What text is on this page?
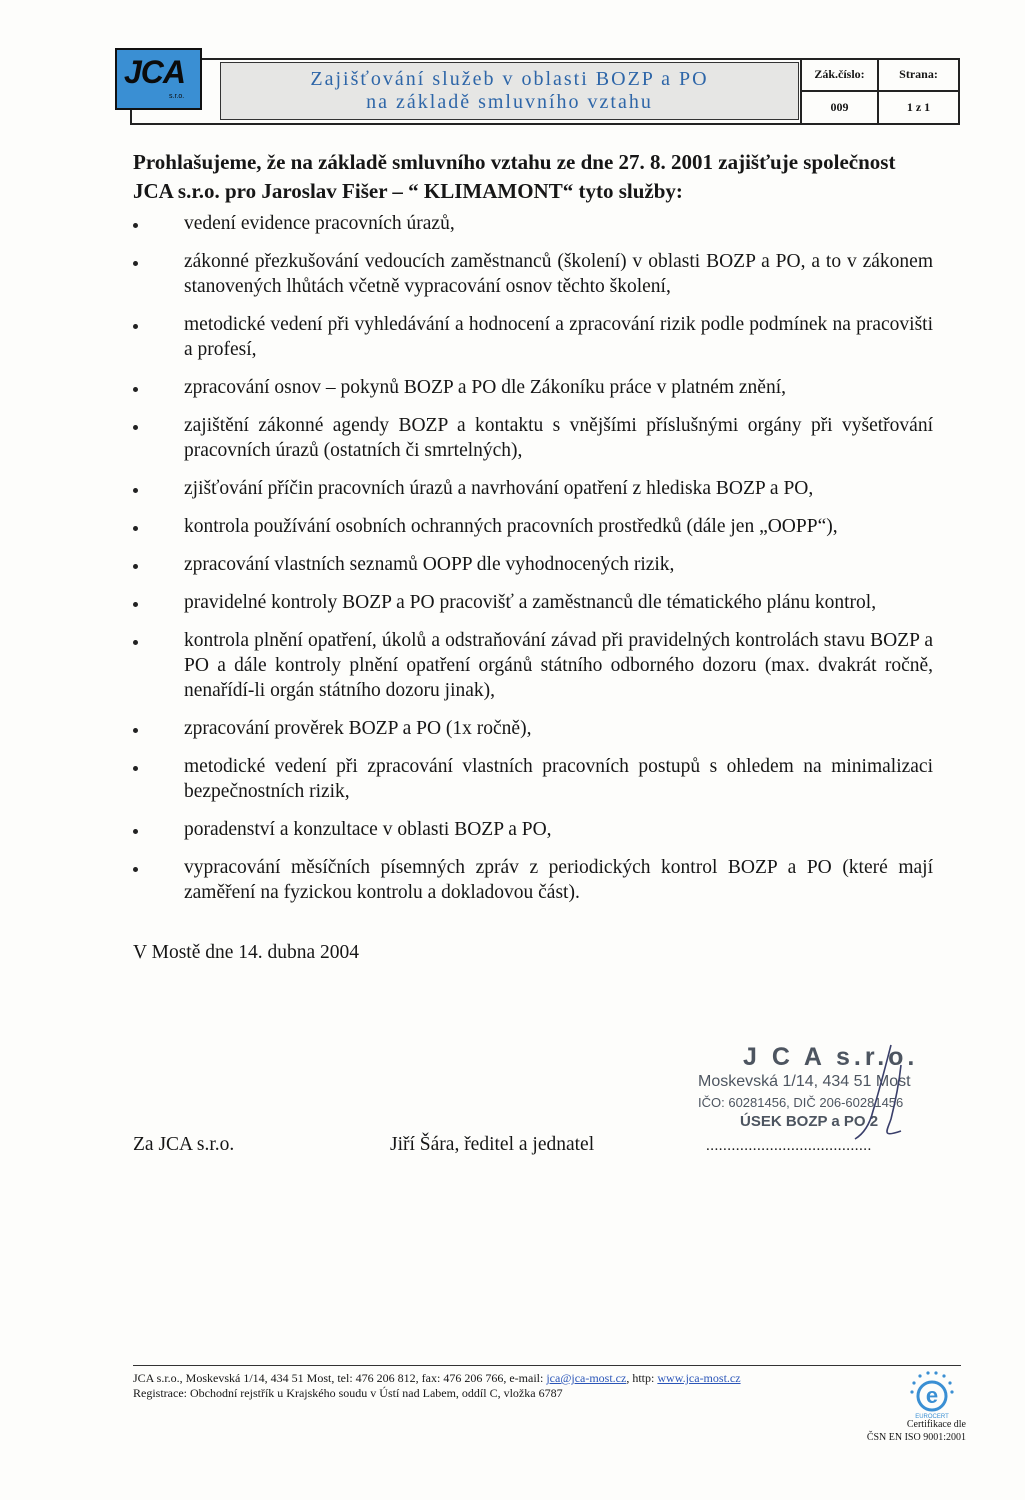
JCA
s.r.o.
Zajišťování služeb v oblasti BOZP a PO
na základě smluvního vztahu
Zák.číslo:	Strana:
009	1 z 1
Prohlašujeme, že na základě smluvního vztahu ze dne 27. 8. 2001 zajišťuje společnost JCA s.r.o. pro Jaroslav Fišer – “ KLIMAMONT“ tyto služby:
vedení evidence pracovních úrazů,
zákonné přezkušování vedoucích zaměstnanců (školení) v oblasti BOZP a PO, a to v zákonem stanovených lhůtách včetně vypracování osnov těchto školení,
metodické vedení při vyhledávání a hodnocení a zpracování rizik podle podmínek na pracovišti a profesí,
zpracování osnov – pokynů BOZP a PO dle Zákoníku práce v platném znění,
zajištění zákonné agendy BOZP a kontaktu s vnějšími příslušnými orgány při vyšetřování pracovních úrazů (ostatních či smrtelných),
zjišťování příčin pracovních úrazů a navrhování opatření z hlediska BOZP a PO,
kontrola používání osobních ochranných pracovních prostředků (dále jen „OOPP“),
zpracování vlastních seznamů OOPP dle vyhodnocených rizik,
pravidelné kontroly BOZP a PO pracovišť a zaměstnanců dle tématického plánu kontrol,
kontrola plnění opatření, úkolů a odstraňování závad při pravidelných kontrolách stavu BOZP a PO a dále kontroly plnění opatření orgánů státního odborného dozoru (max. dvakrát ročně, nenařídí-li orgán státního dozoru jinak),
zpracování prověrek BOZP a PO (1x ročně),
metodické vedení při zpracování vlastních pracovních postupů s ohledem na minimalizaci bezpečnostních rizik,
poradenství a konzultace v oblasti BOZP a PO,
vypracování měsíčních písemných zpráv z periodických kontrol BOZP a PO (které mají zaměření na fyzickou kontrolu a dokladovou část).
V Mostě dne 14. dubna 2004
J C A s.r.o.
Moskevská 1/14, 434 51 Most
IČO: 60281456, DIČ 206-60281456
ÚSEK BOZP a PO 2
Za JCA s.r.o.	Jiří Šára, ředitel a jednatel	.......................................
JCA s.r.o., Moskevská 1/14, 434 51 Most, tel: 476 206 812, fax: 476 206 766, e-mail: jca@jca-most.cz, http: www.jca-most.cz
Registrace: Obchodní rejstřík u Krajského soudu v Ústí nad Labem, oddíl C, vložka 6787	e
EUROCERT
Certifikace dle
ČSN EN ISO 9001:2001
